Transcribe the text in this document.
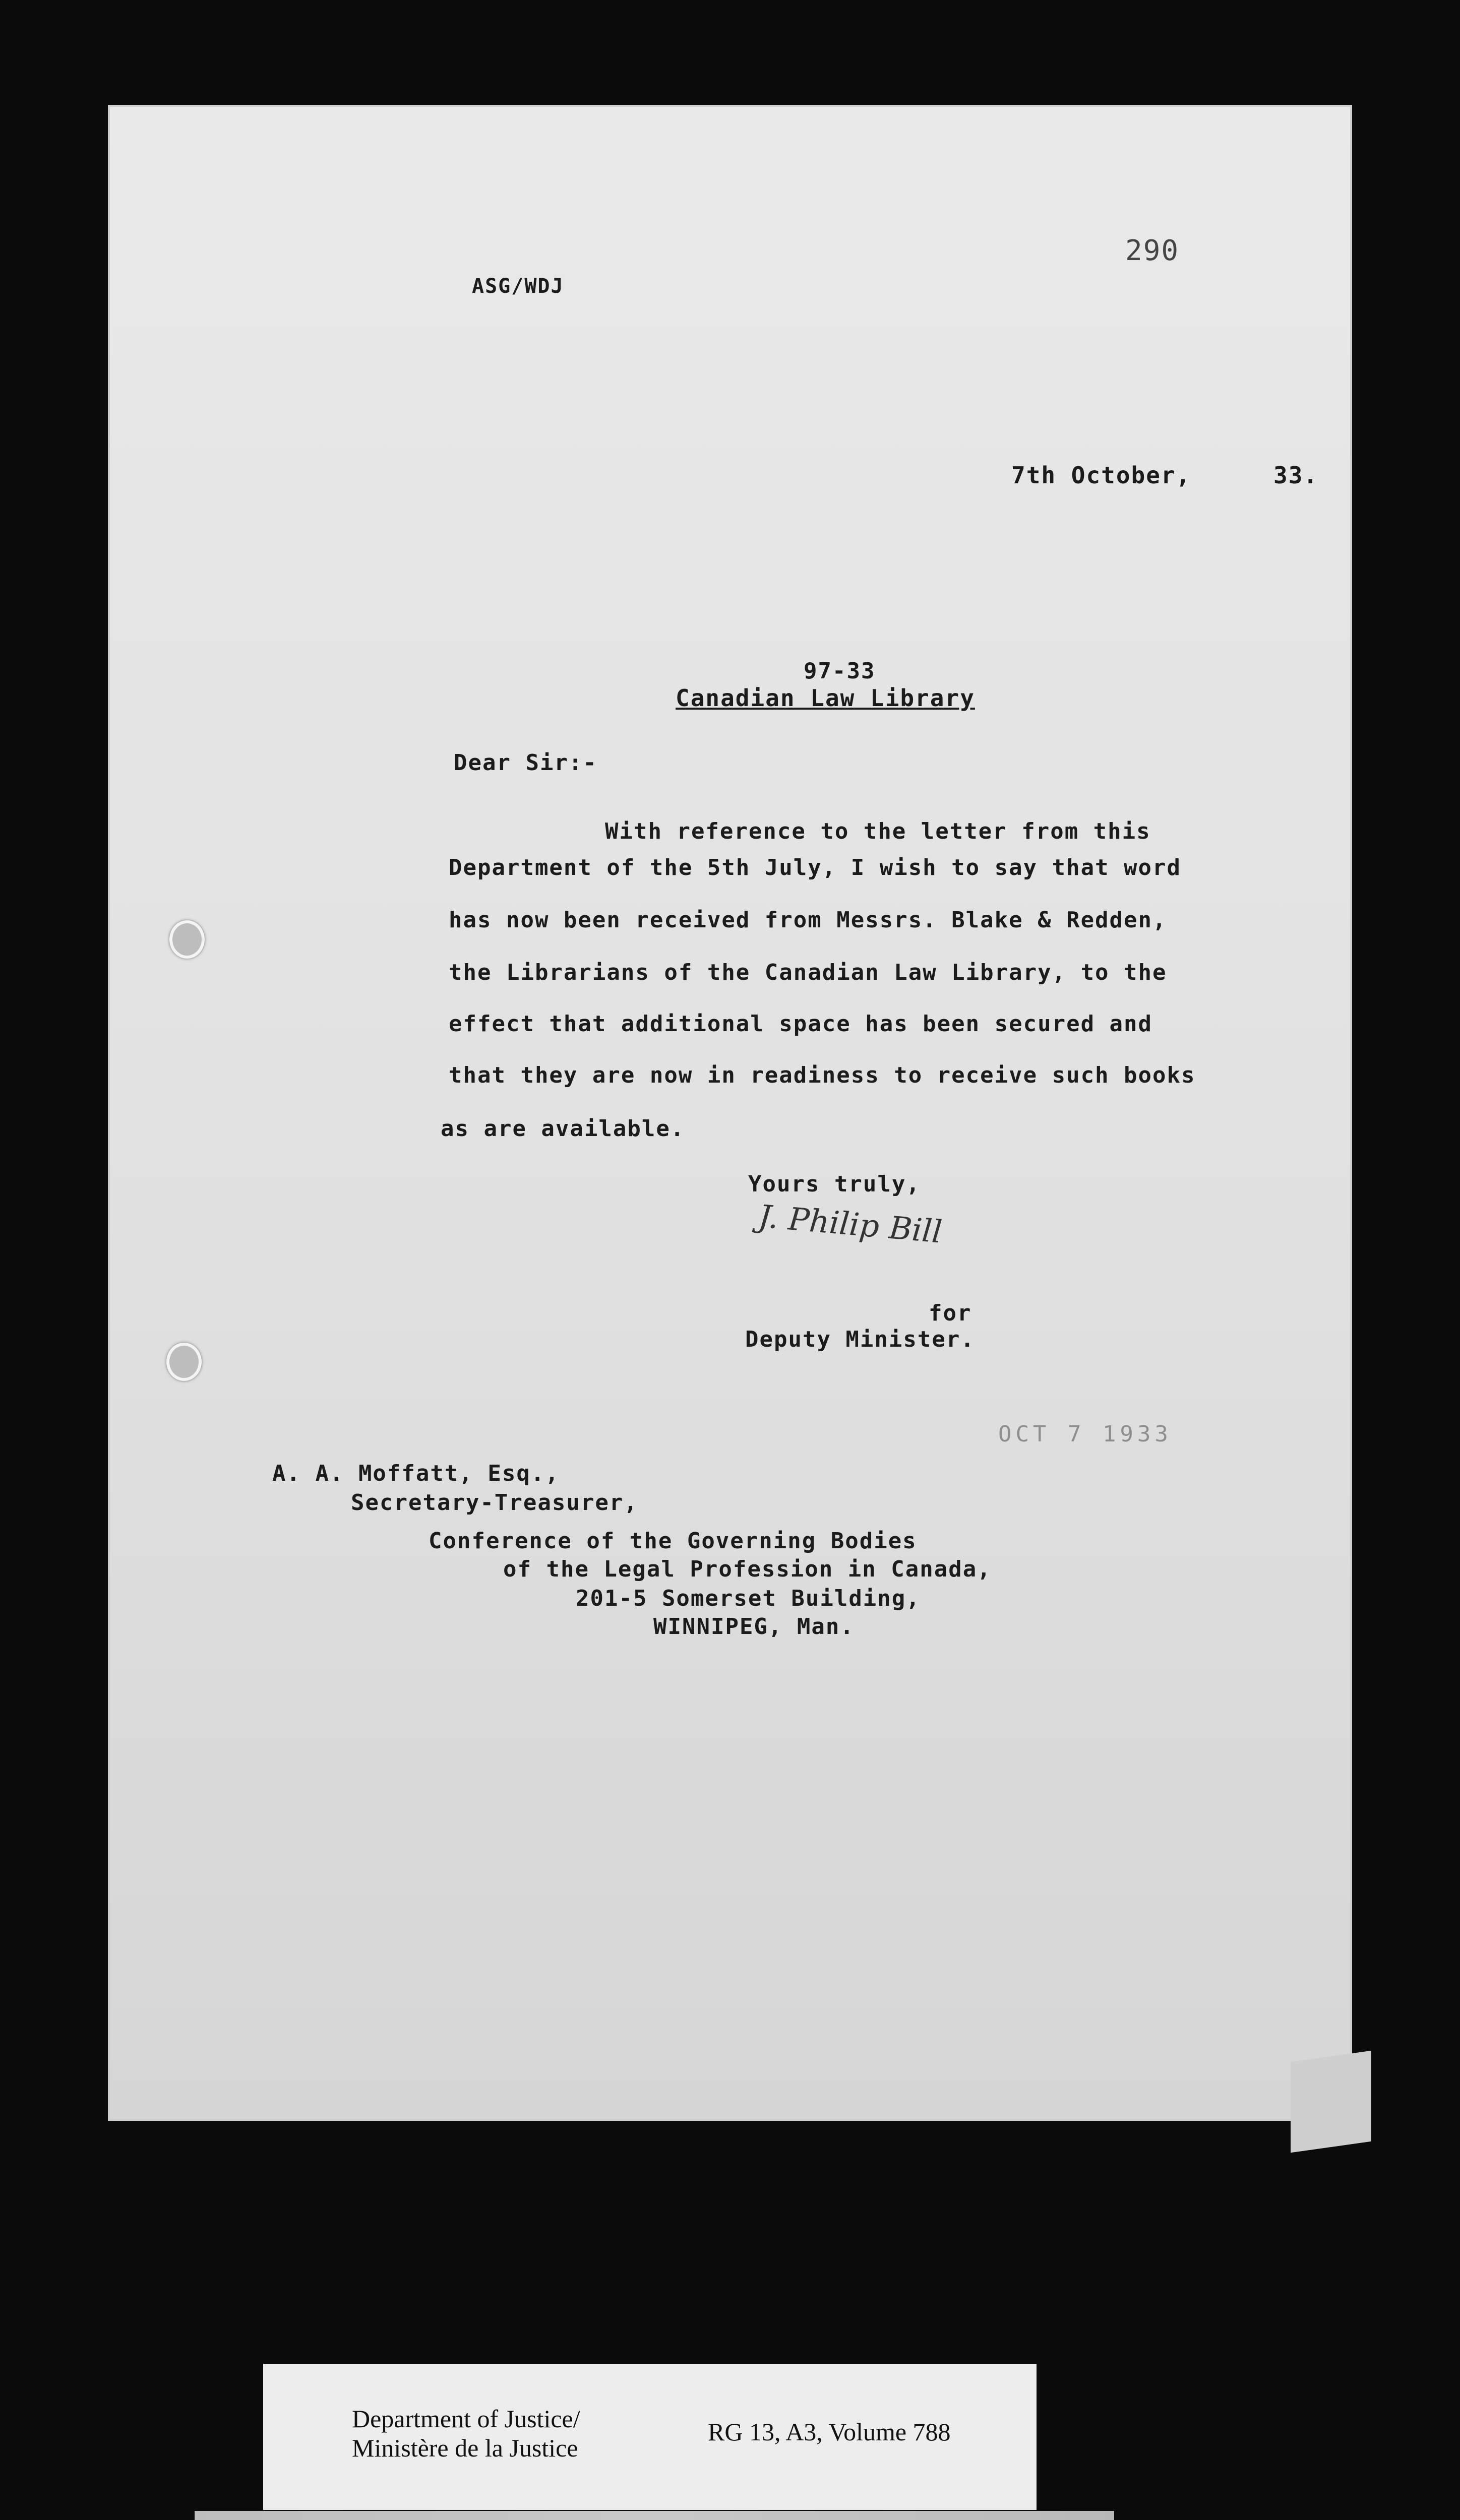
290
ASG/WDJ
7th October,	33.
97-33
Canadian Law Library
Dear Sir:-
With reference to the letter from this
Department of the 5th July, I wish to say that word
has now been received from Messrs. Blake & Redden,
the Librarians of the Canadian Law Library, to the
effect that additional space has been secured and
that they are now in readiness to receive such books
as are available.
Yours truly,
J. Philip Bill
for
Deputy Minister.
OCT 7 1933
A. A. Moffatt, Esq.,
Secretary-Treasurer,
Conference of the Governing Bodies
of the Legal Profession in Canada,
201-5 Somerset Building,
WINNIPEG, Man.
Department of Justice/
Ministère de la Justice
RG 13, A3, Volume 788
